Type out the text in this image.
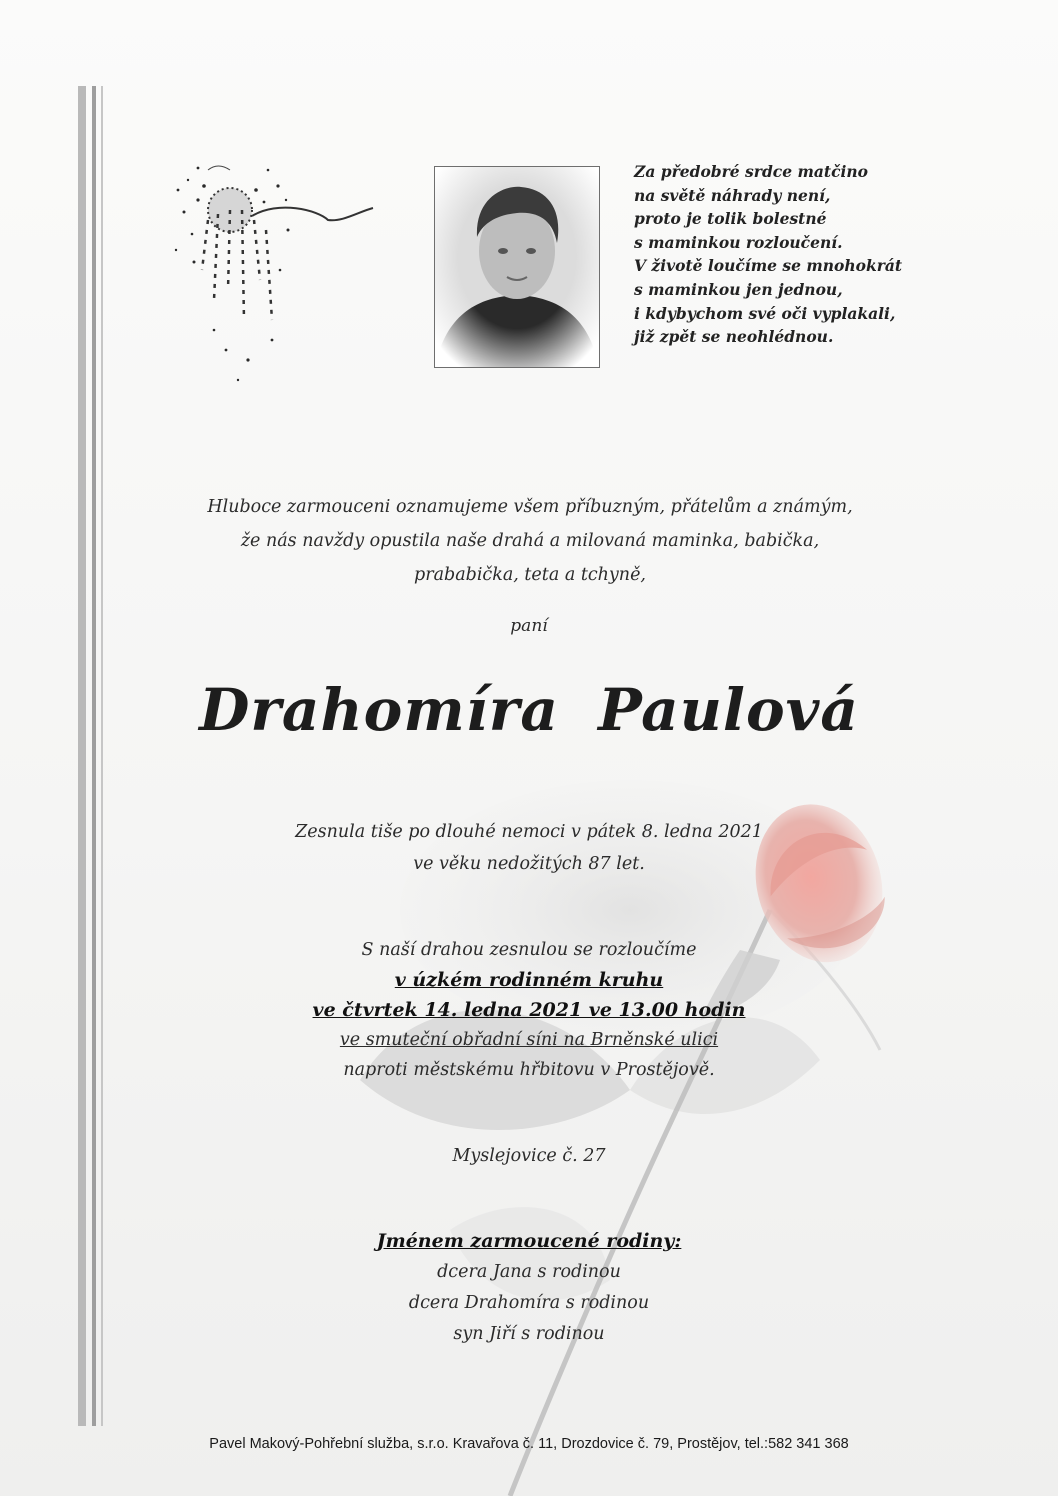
Za předobré srdce matčino
na světě náhrady není,
proto je tolik bolestné
s maminkou rozloučení.
V životě loučíme se mnohokrát
s maminkou jen jednou,
i kdybychom své oči vyplakali,
již zpět se neohlédnou.
Hluboce zarmouceni oznamujeme všem příbuzným, přátelům a známým,
že nás navždy opustila naše drahá a milovaná maminka, babička,
prababička, teta a tchyně,
paní
Drahomíra Paulová
Zesnula tiše po dlouhé nemoci v pátek 8. ledna 2021
ve věku nedožitých 87 let.
S naší drahou zesnulou se rozloučíme
v úzkém rodinném kruhu
ve čtvrtek 14. ledna 2021 ve 13.00 hodin
ve smuteční obřadní síni na Brněnské ulici
naproti městskému hřbitovu v Prostějově.
Myslejovice č. 27
Jménem zarmoucené rodiny:
dcera Jana s rodinou
dcera Drahomíra s rodinou
syn Jiří s rodinou
Pavel Makový-Pohřební služba, s.r.o. Kravařova č. 11, Drozdovice č. 79, Prostějov, tel.:582 341 368
